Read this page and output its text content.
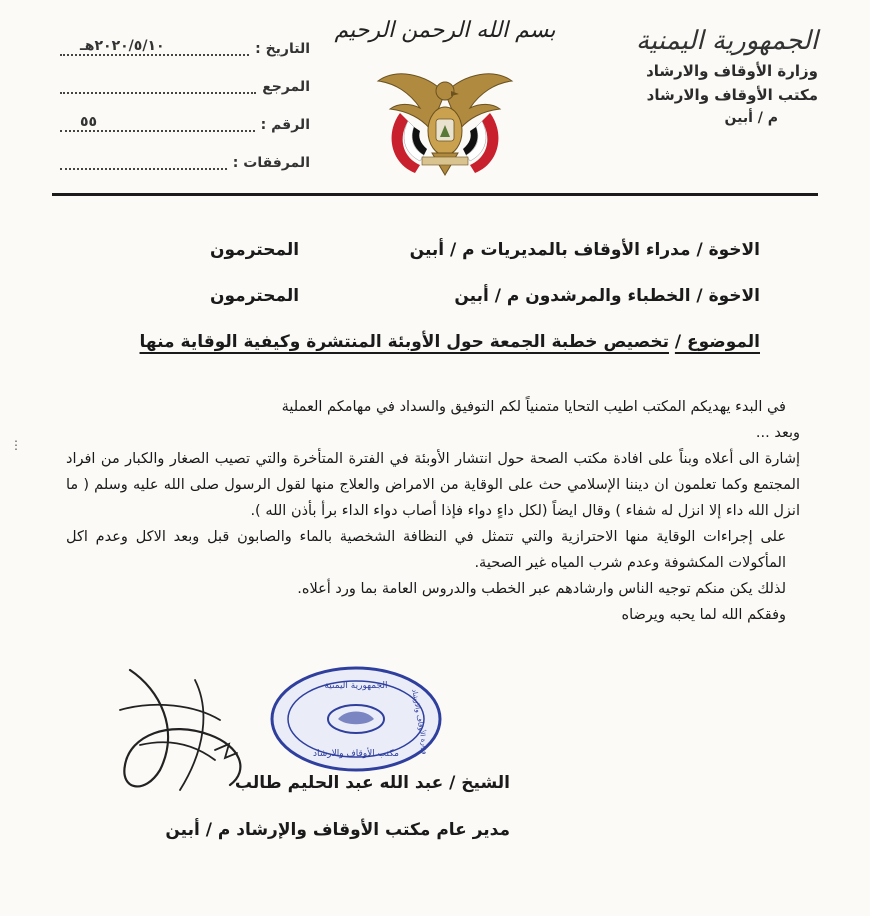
الجمهورية اليمنية
وزارة الأوقاف والارشاد
مكتب الأوقاف والارشاد
م / أبين
بسم الله الرحمن الرحيم
التاريخ :
٢٠٢٠/٥/١٠هـ
المرجع
الرقم :
٥٥
المرفقات :
الاخوة / مدراء الأوقاف بالمديريات م / أبين
المحترمون
الاخوة / الخطباء والمرشدون م / أبين
المحترمون
الموضوع / تخصيص خطبة الجمعة حول الأوبئة المنتشرة وكيفية الوقاية منها

في البدء يهديكم المكتب اطيب التحايا متمنياً لكم التوفيق والسداد في مهامكم العملية

وبعد ...

إشارة الى أعلاه وبناً على افادة مكتب الصحة حول انتشار الأوبئة في الفترة المتأخرة والتي تصيب الصغار والكبار من افراد المجتمع وكما تعلمون ان ديننا الإسلامي حث على الوقاية من الامراض والعلاج منها لقول الرسول صلى الله عليه وسلم ( ما انزل الله داء إلا انزل له شفاء ) وقال ايضاً (لكل داءٍ دواء فإذا أصاب دواء الداء برأ بأذن الله ).

على إجراءات الوقاية منها الاحترازية والتي تتمثل في النظافة الشخصية بالماء والصابون قبل وبعد الاكل وعدم اكل المأكولات المكشوفة وعدم شرب المياه غير الصحية.

لذلك يكن منكم توجيه الناس وارشادهم عبر الخطب والدروس العامة بما ورد أعلاه.

وفقكم الله لما يحبه ويرضاه

الجمهورية اليمنية
مكتب الأوقاف والارشاد وزارة الأوقاف والارشاد
الشيخ / عبد الله عبد الحليم طالب
مدير عام مكتب الأوقاف والإرشاد م / أبين
⋮
